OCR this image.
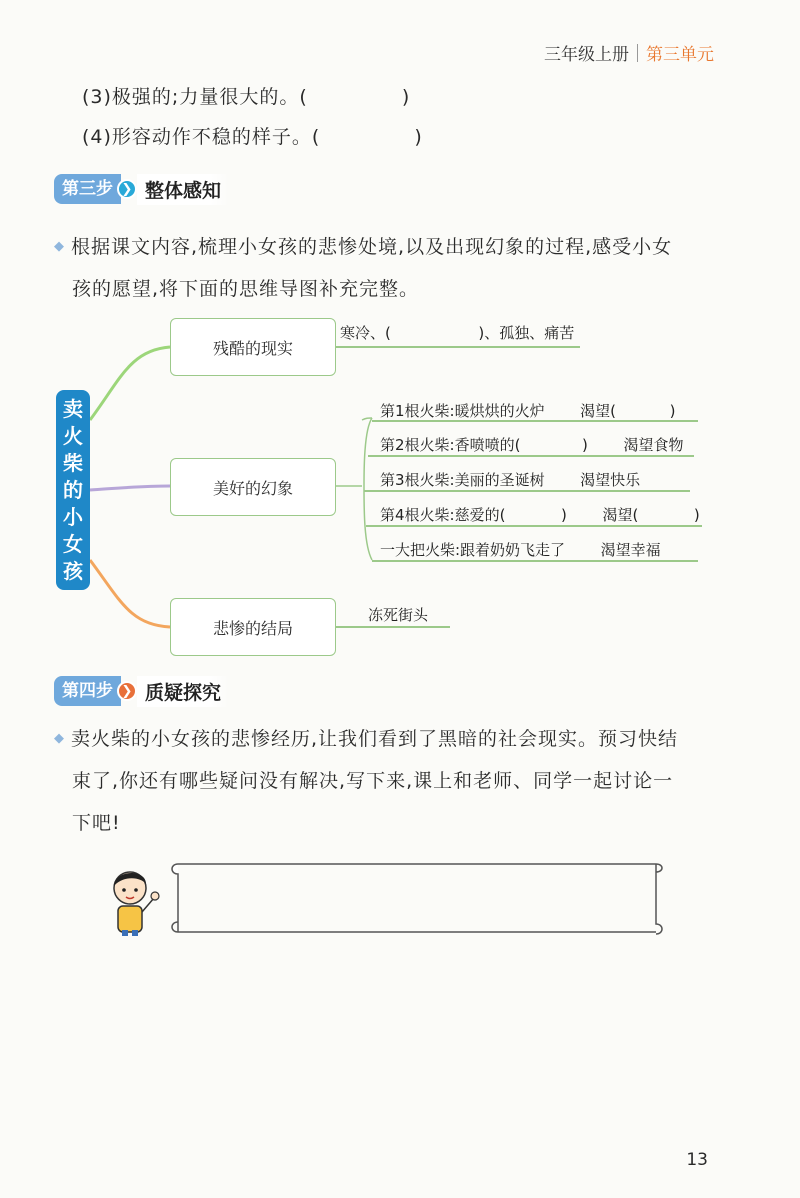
三年级上册 第三单元
(3)极强的;力量很大的。(	)
(4)形容动作不稳的样子。(	)
第三步 ❯ 整体感知
◆ 根据课文内容,梳理小女孩的悲惨处境,以及出现幻象的过程,感受小女
孩的愿望,将下面的思维导图补充完整。
卖
火
柴
的
小
女
孩
残酷的现实
寒冷、(	)、孤独、痛苦
美好的幻象
第1根火柴:暖烘烘的火炉 渴望(	)
第2根火柴:香喷喷的(	) 渴望食物
第3根火柴:美丽的圣诞树 渴望快乐
第4根火柴:慈爱的(	) 渴望(	)
一大把火柴:跟着奶奶飞走了 渴望幸福
悲惨的结局
冻死街头
第四步 ❯ 质疑探究
◆ 卖火柴的小女孩的悲惨经历,让我们看到了黑暗的社会现实。预习快结
束了,你还有哪些疑问没有解决,写下来,课上和老师、同学一起讨论一
下吧!
13
